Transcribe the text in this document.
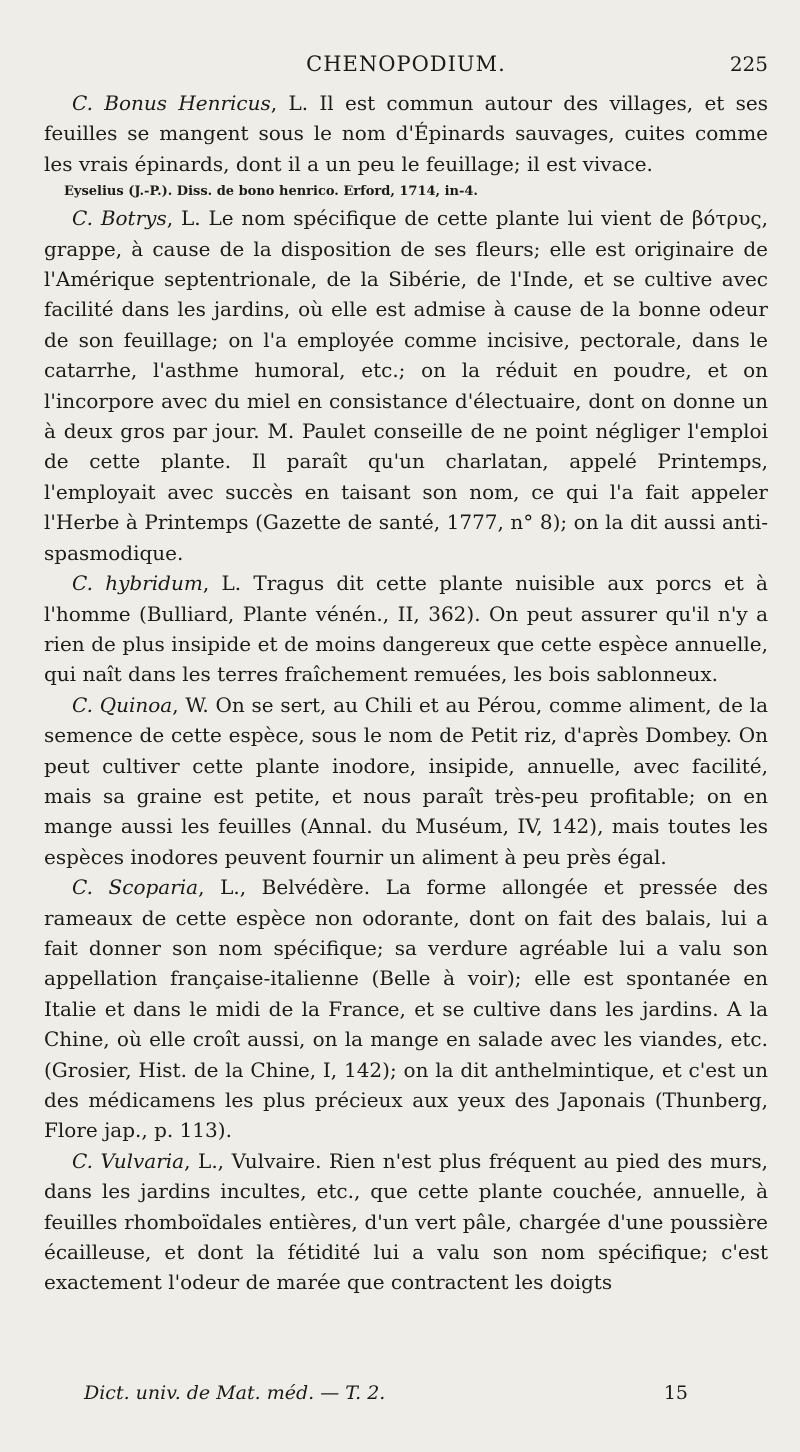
CHENOPODIUM.	225

C. Bonus Henricus, L. Il est commun autour des villages, et ses feuilles se mangent sous le nom d'Épinards sauvages, cuites comme les vrais épinards, dont il a un peu le feuillage; il est vivace.

Eyselius (J.-P.). Diss. de bono henrico. Erford, 1714, in-4.

C. Botrys, L. Le nom spécifique de cette plante lui vient de βότρυς, grappe, à cause de la disposition de ses fleurs; elle est originaire de l'Amérique septentrionale, de la Sibérie, de l'Inde, et se cultive avec facilité dans les jardins, où elle est admise à cause de la bonne odeur de son feuillage; on l'a employée comme incisive, pectorale, dans le catarrhe, l'asthme humoral, etc.; on la réduit en poudre, et on l'incorpore avec du miel en consistance d'électuaire, dont on donne un à deux gros par jour. M. Paulet conseille de ne point négliger l'emploi de cette plante. Il paraît qu'un charlatan, appelé Printemps, l'employait avec succès en taisant son nom, ce qui l'a fait appeler l'Herbe à Printemps (Gazette de santé, 1777, n° 8); on la dit aussi anti-spasmodique.

C. hybridum, L. Tragus dit cette plante nuisible aux porcs et à l'homme (Bulliard, Plante vénén., II, 362). On peut assurer qu'il n'y a rien de plus insipide et de moins dangereux que cette espèce annuelle, qui naît dans les terres fraîchement remuées, les bois sablonneux.

C. Quinoa, W. On se sert, au Chili et au Pérou, comme aliment, de la semence de cette espèce, sous le nom de Petit riz, d'après Dombey. On peut cultiver cette plante inodore, insipide, annuelle, avec facilité, mais sa graine est petite, et nous paraît très-peu profitable; on en mange aussi les feuilles (Annal. du Muséum, IV, 142), mais toutes les espèces inodores peuvent fournir un aliment à peu près égal.

C. Scoparia, L., Belvédère. La forme allongée et pressée des rameaux de cette espèce non odorante, dont on fait des balais, lui a fait donner son nom spécifique; sa verdure agréable lui a valu son appellation française-italienne (Belle à voir); elle est spontanée en Italie et dans le midi de la France, et se cultive dans les jardins. A la Chine, où elle croît aussi, on la mange en salade avec les viandes, etc. (Grosier, Hist. de la Chine, I, 142); on la dit anthelmintique, et c'est un des médicamens les plus précieux aux yeux des Japonais (Thunberg, Flore jap., p. 113).

C. Vulvaria, L., Vulvaire. Rien n'est plus fréquent au pied des murs, dans les jardins incultes, etc., que cette plante couchée, annuelle, à feuilles rhomboïdales entières, d'un vert pâle, chargée d'une poussière écailleuse, et dont la fétidité lui a valu son nom spécifique; c'est exactement l'odeur de marée que contractent les doigts

Dict. univ. de Mat. méd. — T. 2.	15
